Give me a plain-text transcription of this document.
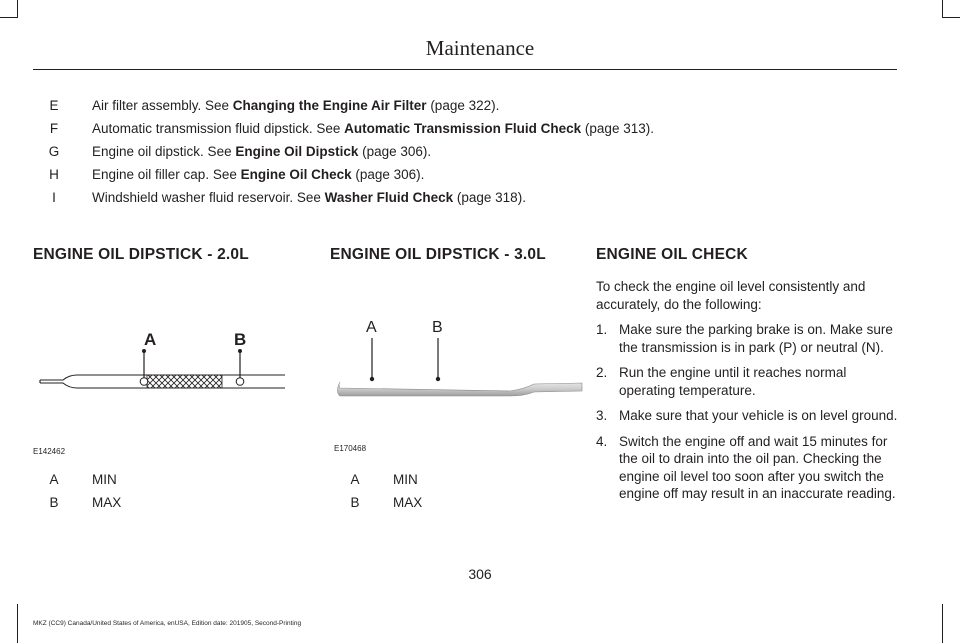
Maintenance
E	Air filter assembly. See Changing the Engine Air Filter (page 322).
F	Automatic transmission fluid dipstick. See Automatic Transmission Fluid Check (page 313).
G	Engine oil dipstick. See Engine Oil Dipstick (page 306).
H	Engine oil filler cap. See Engine Oil Check (page 306).
I	Windshield washer fluid reservoir. See Washer Fluid Check (page 318).
ENGINE OIL DIPSTICK - 2.0L
A	B
E142462
A	MIN
B	MAX
ENGINE OIL DIPSTICK - 3.0L
A	B
E170468
A	MIN
B	MAX
ENGINE OIL CHECK

To check the engine oil level consistently and accurately, do the following:

1. Make sure the parking brake is on. Make sure the transmission is in park (P) or neutral (N).
2. Run the engine until it reaches normal operating temperature.
3. Make sure that your vehicle is on level ground.
4. Switch the engine off and wait 15 minutes for the oil to drain into the oil pan. Checking the engine oil level too soon after you switch the engine off may result in an inaccurate reading.
306
MKZ (CC9) Canada/United States of America, enUSA, Edition date: 201905, Second-Printing
